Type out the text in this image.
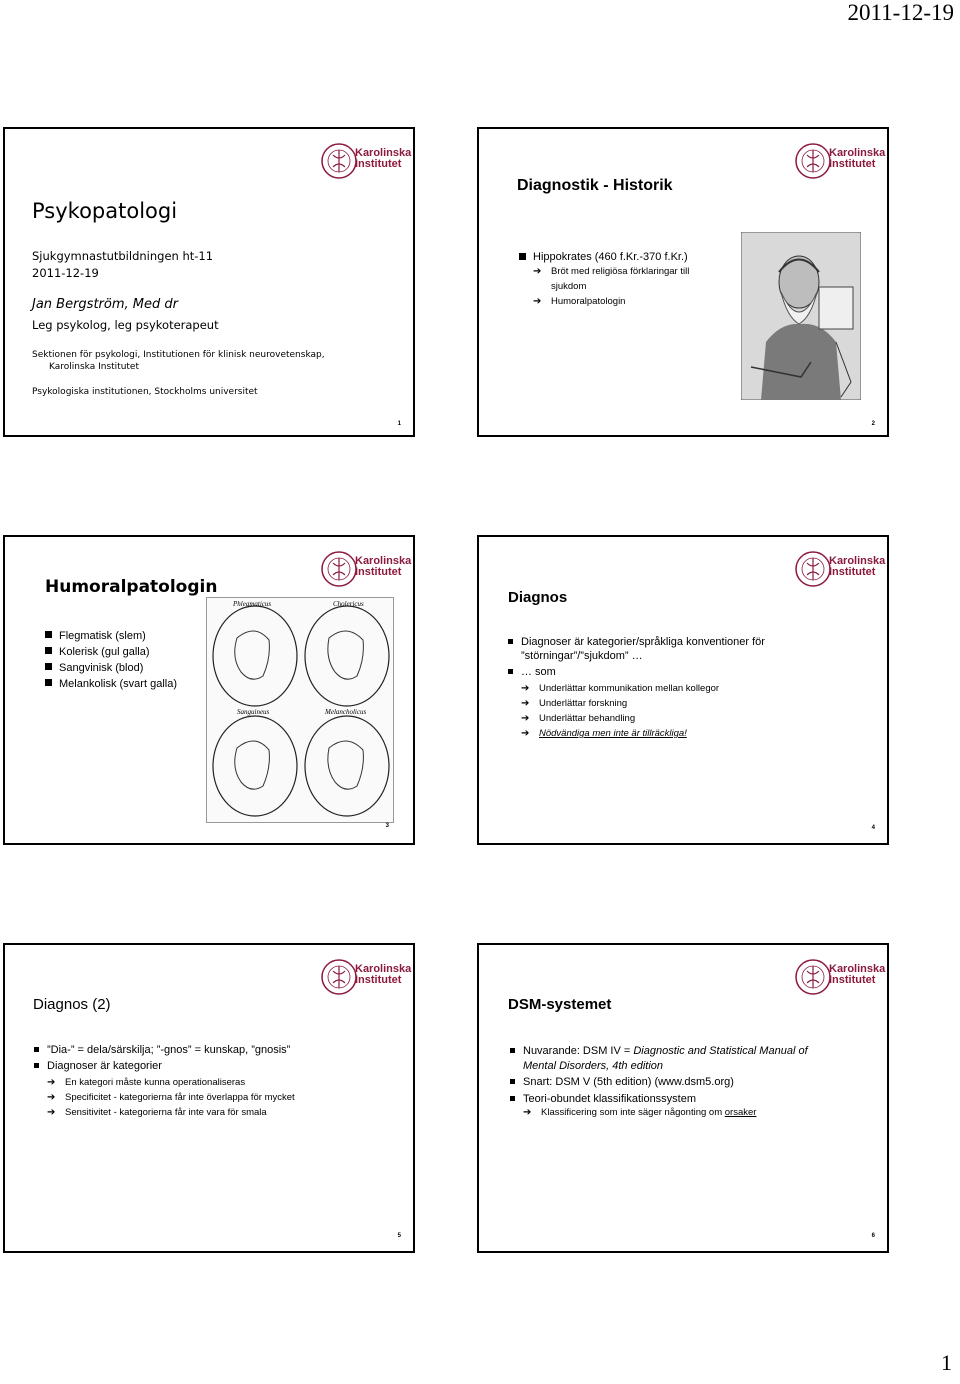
2011-12-19
Karolinska
Institutet
Psykopatologi
Sjukgymnastutbildningen ht-11
2011-12-19
Jan Bergström, Med dr
Leg psykolog, leg psykoterapeut
Sektionen för psykologi, Institutionen för klinisk neurovetenskap,
Karolinska Institutet
Psykologiska institutionen, Stockholms universitet
1
Karolinska
Institutet
Diagnostik - Historik
Hippokrates (460 f.Kr.-370 f.Kr.)
➔ Bröt med religiösa förklaringar till
sjukdom
➔ Humoralpatologin
2
Karolinska
Institutet
Humoralpatologin
Flegmatisk (slem)
Kolerisk (gul galla)
Sangvinisk (blod)
Melankolisk (svart galla)
Phlegmaticus	Cholericus
Sanguineus	Melancholicus
3
Karolinska
Institutet
Diagnos
Diagnoser är kategorier/språkliga konventioner för
”störningar”/”sjukdom” …
… som
➔ Underlättar kommunikation mellan kollegor
➔ Underlättar forskning
➔ Underlättar behandling
➔ Nödvändiga men inte är tillräckliga!
4
Karolinska
Institutet
Diagnos (2)
”Dia-” = dela/särskilja; ”-gnos” = kunskap, ”gnosis”
Diagnoser är kategorier
➔ En kategori måste kunna operationaliseras
➔ Specificitet - kategorierna får inte överlappa för mycket
➔ Sensitivitet - kategorierna får inte vara för smala
5
Karolinska
Institutet
DSM-systemet
Nuvarande: DSM IV = Diagnostic and Statistical Manual of
Mental Disorders, 4th edition
Snart: DSM V (5th edition) (www.dsm5.org)
Teori-obundet klassifikationssystem
➔ Klassificering som inte säger någonting om orsaker
6
1
